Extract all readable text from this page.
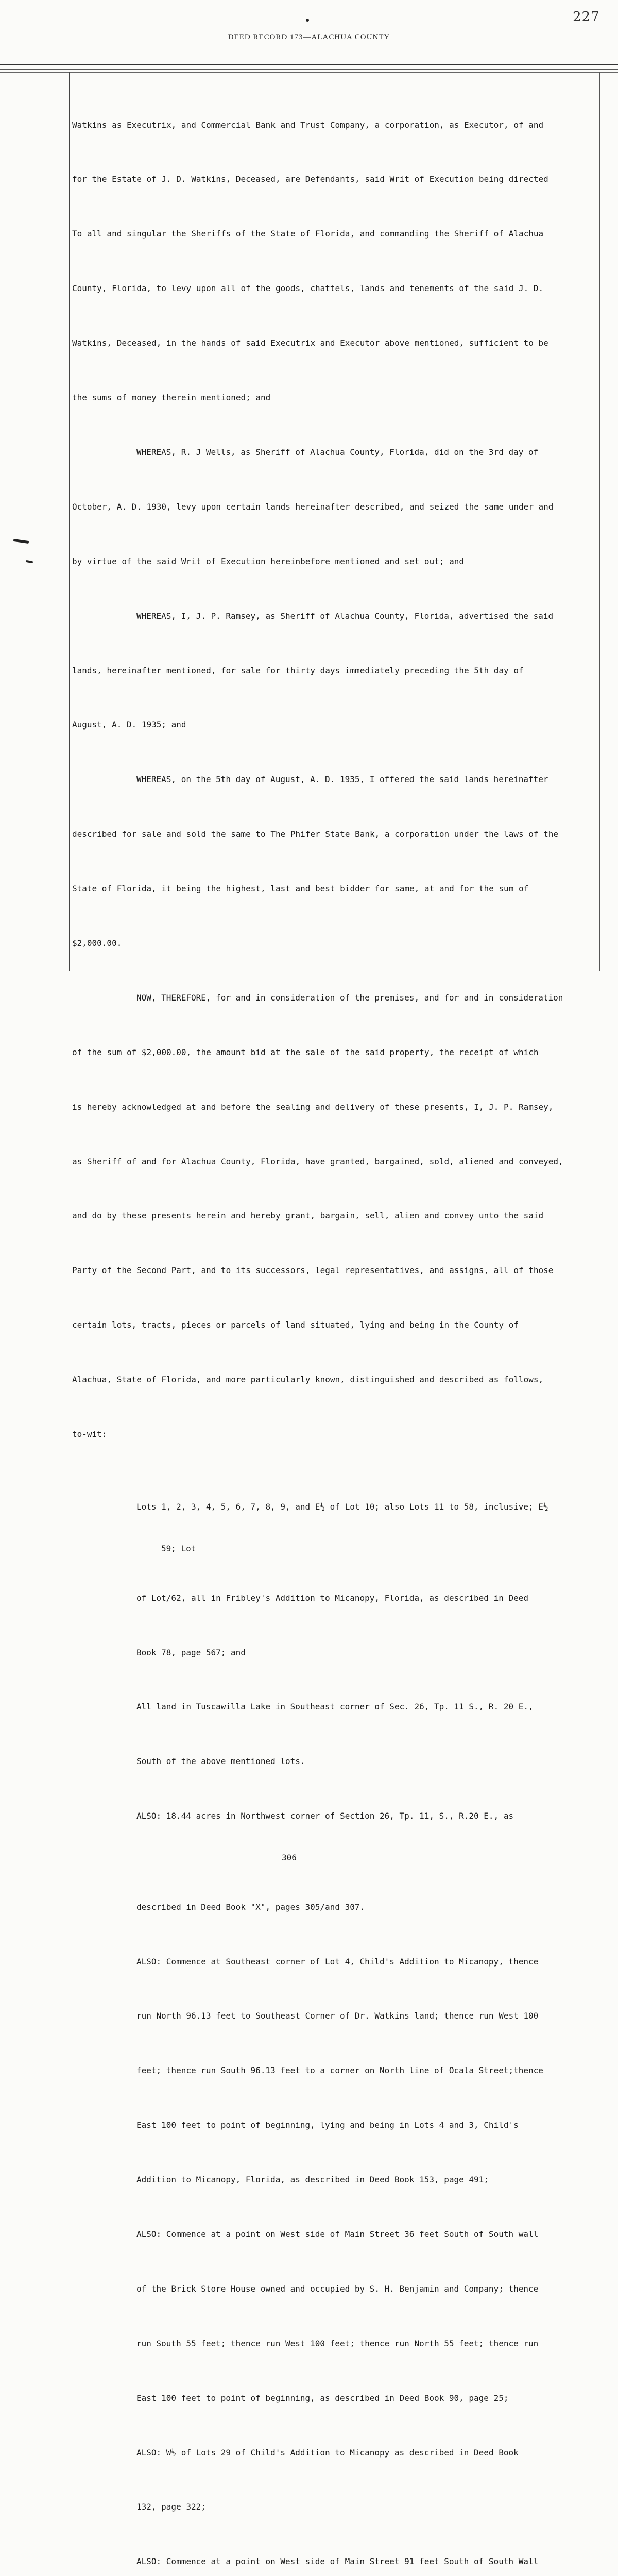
227
DEED RECORD 173—ALACHUA COUNTY

Watkins as Executrix, and Commercial Bank and Trust Company, a corporation, as Executor, of and

for the Estate of J. D. Watkins, Deceased, are Defendants, said Writ of Execution being directed

To all and singular the Sheriffs of the State of Florida, and commanding the Sheriff of Alachua

County, Florida, to levy upon all of the goods, chattels, lands and tenements of the said J. D.

Watkins, Deceased, in the hands of said Executrix and Executor above mentioned, sufficient to be

the sums of money therein mentioned; and

WHEREAS, R. J Wells, as Sheriff of Alachua County, Florida, did on the 3rd day of

October, A. D. 1930, levy upon certain lands hereinafter described, and seized the same under and

by virtue of the said Writ of Execution hereinbefore mentioned and set out; and

WHEREAS, I, J. P. Ramsey, as Sheriff of Alachua County, Florida, advertised the said

lands, hereinafter mentioned, for sale for thirty days immediately preceding the 5th day of

August, A. D. 1935; and

WHEREAS, on the 5th day of August, A. D. 1935, I offered the said lands hereinafter

described for sale and sold the same to The Phifer State Bank, a corporation under the laws of the

State of Florida, it being the highest, last and best bidder for same, at and for the sum of

$2,000.00.

NOW, THEREFORE, for and in consideration of the premises, and for and in consideration

of the sum of $2,000.00, the amount bid at the sale of the said property, the receipt of which

is hereby acknowledged at and before the sealing and delivery of these presents, I, J. P. Ramsey,

as Sheriff of and for Alachua County, Florida, have granted, bargained, sold, aliened and conveyed,

and do by these presents herein and hereby grant, bargain, sell, alien and convey unto the said

Party of the Second Part, and to its successors, legal representatives, and assigns, all of those

certain lots, tracts, pieces or parcels of land situated, lying and being in the County of

Alachua, State of Florida, and more particularly known, distinguished and described as follows,

to-wit:

Lots 1, 2, 3, 4, 5, 6, 7, 8, 9, and E½ of Lot 10; also Lots 11 to 58, inclusive; E½

59; Lot

of Lot/62, all in Fribley's Addition to Micanopy, Florida, as described in Deed

Book 78, page 567; and

All land in Tuscawilla Lake in Southeast corner of Sec. 26, Tp. 11 S., R. 20 E.,

South of the above mentioned lots.

ALSO: 18.44 acres in Northwest corner of Section 26, Tp. 11, S., R.20 E., as

306

described in Deed Book "X", pages 305/and 307.

ALSO: Commence at Southeast corner of Lot 4, Child's Addition to Micanopy, thence

run North 96.13 feet to Southeast Corner of Dr. Watkins land; thence run West 100

feet; thence run South 96.13 feet to a corner on North line of Ocala Street;thence

East 100 feet to point of beginning, lying and being in Lots 4 and 3, Child's

Addition to Micanopy, Florida, as described in Deed Book 153, page 491;

ALSO: Commence at a point on West side of Main Street 36 feet South of South wall

of the Brick Store House owned and occupied by S. H. Benjamin and Company; thence

run South 55 feet; thence run West 100 feet; thence run North 55 feet; thence run

East 100 feet to point of beginning, as described in Deed Book 90, page 25;

ALSO: W½ of Lots 29 of Child's Addition to Micanopy as described in Deed Book

132, page 322;

ALSO: Commence at a point on West side of Main Street 91 feet South of South Wall
